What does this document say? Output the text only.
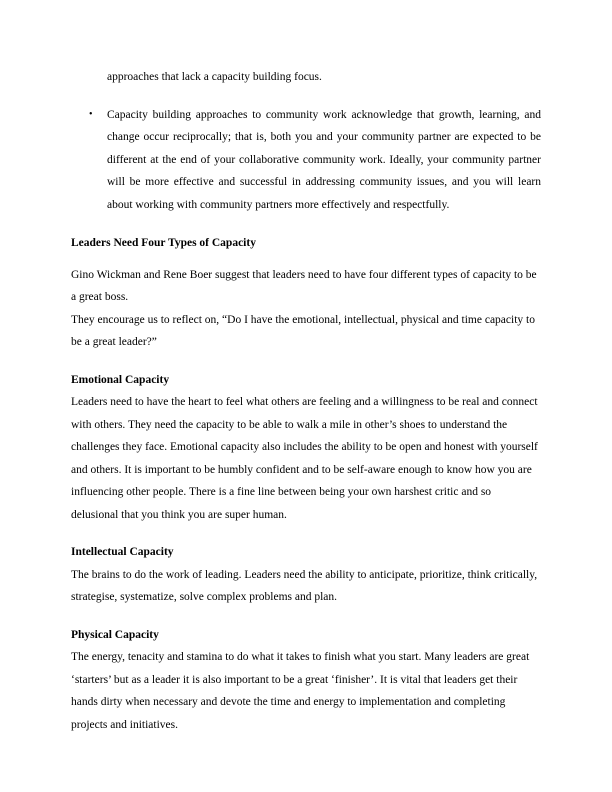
approaches that lack a capacity building focus.

•	Capacity building approaches to community work acknowledge that growth, learning, and change occur reciprocally; that is, both you and your community partner are expected to be different at the end of your collaborative community work. Ideally, your community partner will be more effective and successful in addressing community issues, and you will learn about working with community partners more effectively and respectfully.

Leaders Need Four Types of Capacity

Gino Wickman and Rene Boer suggest that leaders need to have four different types of capacity to be a great boss.

They encourage us to reflect on, “Do I have the emotional, intellectual, physical and time capacity to be a great leader?”

Emotional Capacity

Leaders need to have the heart to feel what others are feeling and a willingness to be real and connect with others. They need the capacity to be able to walk a mile in other’s shoes to understand the challenges they face. Emotional capacity also includes the ability to be open and honest with yourself and others. It is important to be humbly confident and to be self-aware enough to know how you are influencing other people. There is a fine line between being your own harshest critic and so delusional that you think you are super human.

Intellectual Capacity

The brains to do the work of leading. Leaders need the ability to anticipate, prioritize, think critically, strategise, systematize, solve complex problems and plan.

Physical Capacity

The energy, tenacity and stamina to do what it takes to finish what you start. Many leaders are great ‘starters’ but as a leader it is also important to be a great ‘finisher’. It is vital that leaders get their hands dirty when necessary and devote the time and energy to implementation and completing projects and initiatives.
